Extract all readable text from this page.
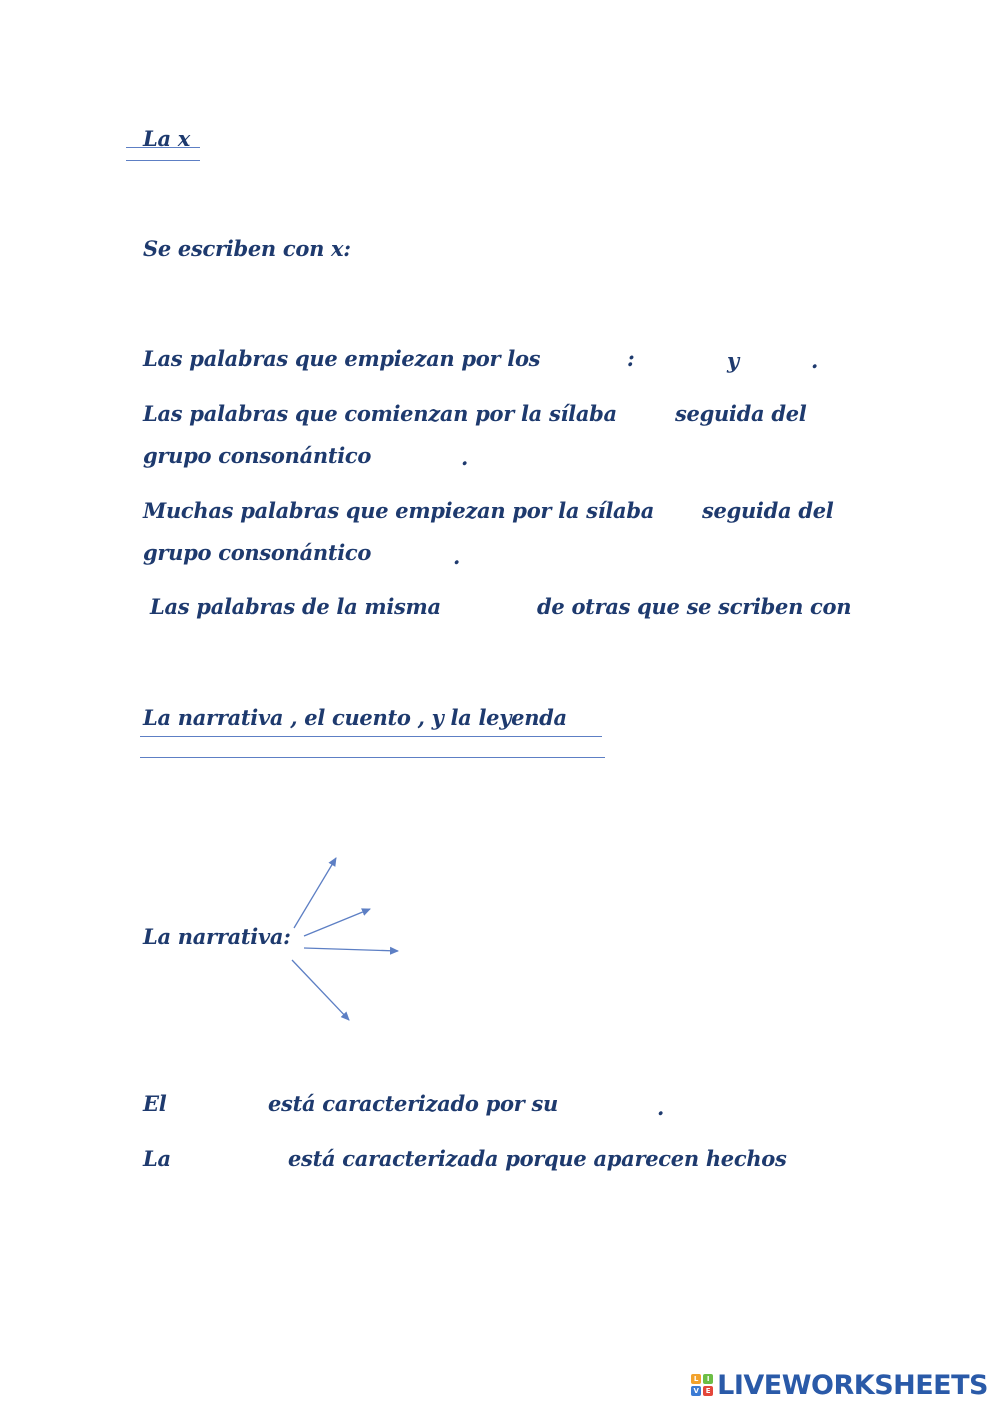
La x
Se escriben con x:
Las palabras que empiezan por los	:	y	.
Las palabras que comienzan por la sílaba	seguida del
grupo consonántico	.
Muchas palabras que empiezan por la sílaba seguida del
grupo consonántico	.
Las palabras de la misma	de otras que se scriben con
La narrativa , el cuento , y la leyenda
La narrativa:
El	está caracterizado por su	.
La	está caracterizada porque aparecen hechos
L	I
V E LIVEWORKSHEETS
